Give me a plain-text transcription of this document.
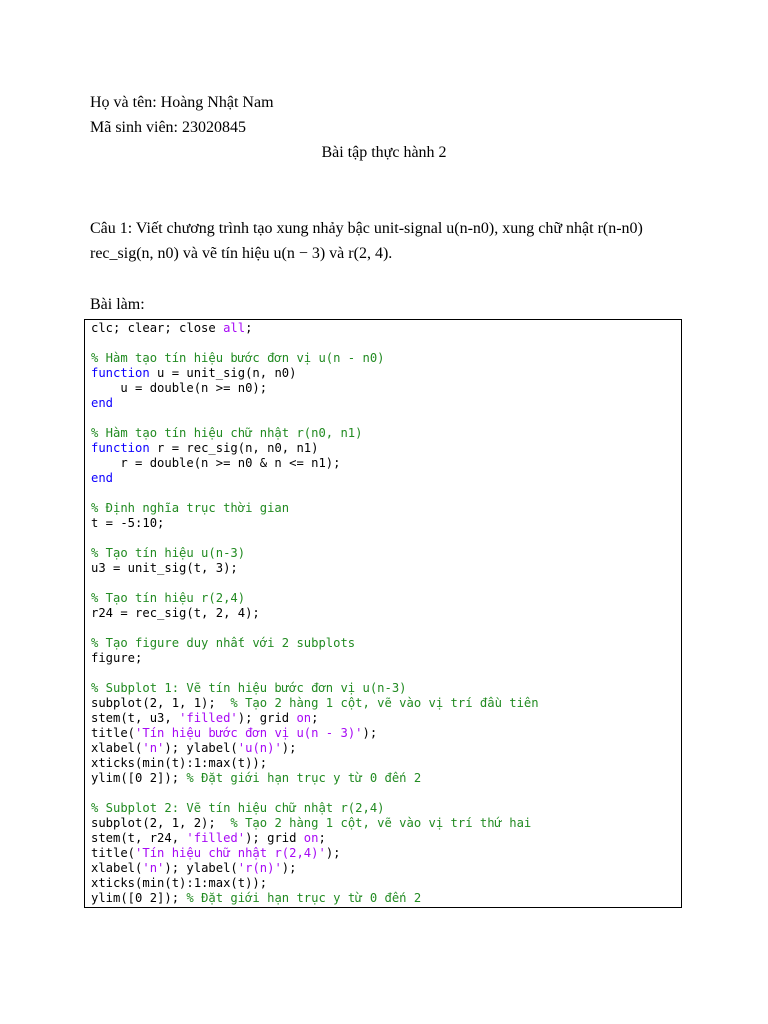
Họ và tên: Hoàng Nhật Nam
Mã sinh viên: 23020845
Bài tập thực hành 2
Câu 1: Viết chương trình tạo xung nhảy bậc unit-signal u(n-n0), xung chữ nhật r(n-n0)
rec_sig(n, n0) và vẽ tín hiệu u(n − 3) và r(2, 4).
Bài làm:
clc; clear; close all;

% Hàm tạo tín hiệu bước đơn vị u(n - n0)
function u = unit_sig(n, n0)
u = double(n >= n0);
end

% Hàm tạo tín hiệu chữ nhật r(n0, n1)
function r = rec_sig(n, n0, n1)
r = double(n >= n0 & n <= n1);
end

% Định nghĩa trục thời gian
t = -5:10;

% Tạo tín hiệu u(n-3)
u3 = unit_sig(t, 3);

% Tạo tín hiệu r(2,4)
r24 = rec_sig(t, 2, 4);

% Tạo figure duy nhất với 2 subplots
figure;

% Subplot 1: Vẽ tín hiệu bước đơn vị u(n-3)
subplot(2, 1, 1);  % Tạo 2 hàng 1 cột, vẽ vào vị trí đầu tiên
stem(t, u3, 'filled'); grid on;
title('Tín hiệu bước đơn vị u(n - 3)');
xlabel('n'); ylabel('u(n)');
xticks(min(t):1:max(t));
ylim([0 2]); % Đặt giới hạn trục y từ 0 đến 2

% Subplot 2: Vẽ tín hiệu chữ nhật r(2,4)
subplot(2, 1, 2);  % Tạo 2 hàng 1 cột, vẽ vào vị trí thứ hai
stem(t, r24, 'filled'); grid on;
title('Tín hiệu chữ nhật r(2,4)');
xlabel('n'); ylabel('r(n)');
xticks(min(t):1:max(t));
ylim([0 2]); % Đặt giới hạn trục y từ 0 đến 2
